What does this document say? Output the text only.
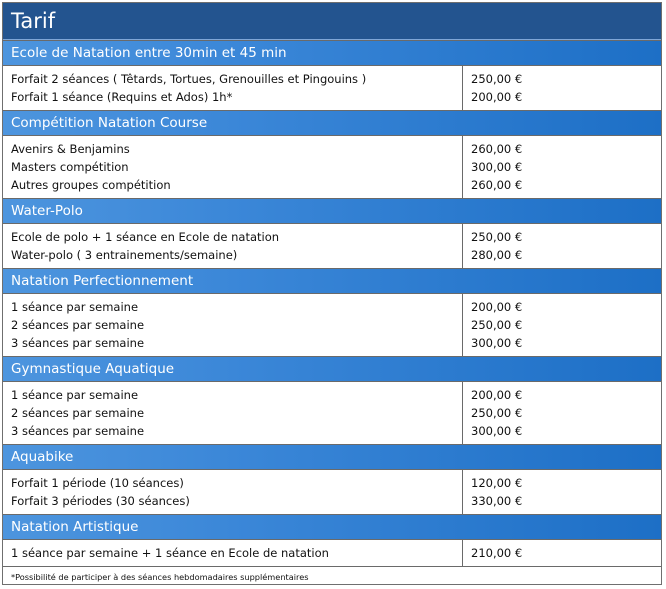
Tarif
Ecole de Natation entre 30min et 45 min
Forfait 2 séances ( Têtards, Tortues, Grenouilles et Pingouins )
Forfait 1 séance (Requins et Ados) 1h*
250,00 €
200,00 €
Compétition Natation Course
Avenirs & Benjamins
Masters compétition
Autres groupes compétition
260,00 €
300,00 €
260,00 €
Water-Polo
Ecole de polo + 1 séance en Ecole de natation
Water-polo ( 3 entrainements/semaine)
250,00 €
280,00 €
Natation Perfectionnement
1 séance par semaine
2 séances par semaine
3 séances par semaine
200,00 €
250,00 €
300,00 €
Gymnastique Aquatique
1 séance par semaine
2 séances par semaine
3 séances par semaine
200,00 €
250,00 €
300,00 €
Aquabike
Forfait 1 période (10 séances)
Forfait 3 périodes (30 séances)
120,00 €
330,00 €
Natation Artistique
1 séance par semaine + 1 séance en Ecole de natation	210,00 €
*Possibilité de participer à des séances hebdomadaires supplémentaires
